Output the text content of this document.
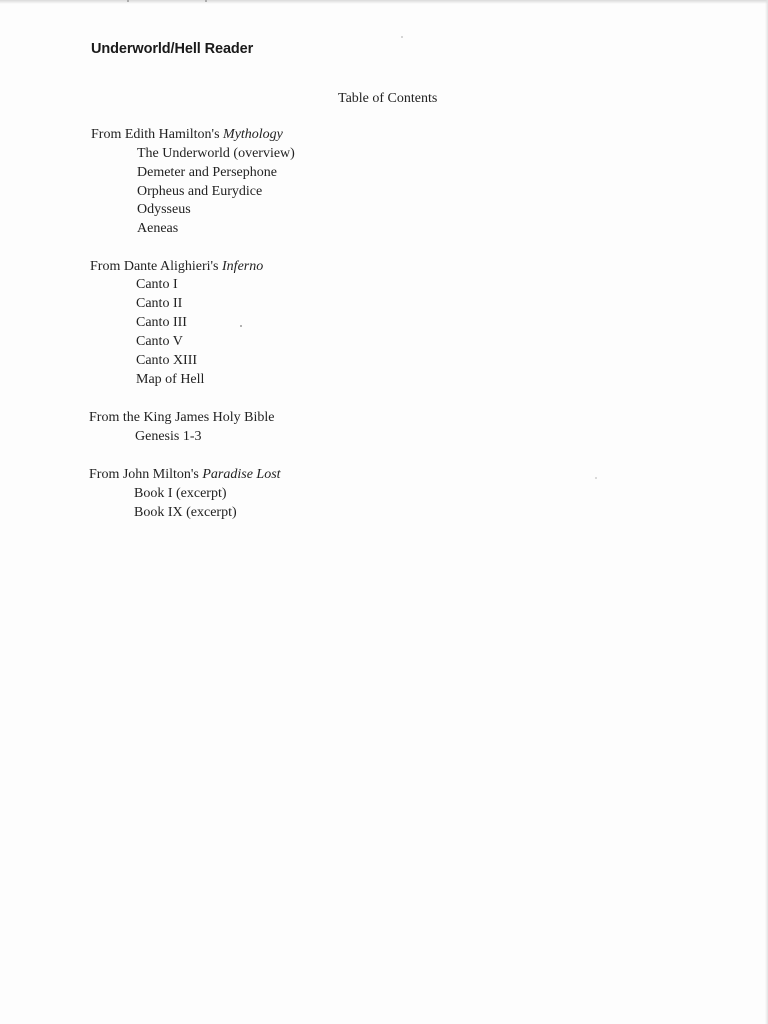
Underworld/Hell Reader
Table of Contents
From Edith Hamilton's Mythology
The Underworld (overview)
Demeter and Persephone
Orpheus and Eurydice
Odysseus
Aeneas
From Dante Alighieri's Inferno
Canto I
Canto II
Canto III
Canto V
Canto XIII
Map of Hell
From the King James Holy Bible
Genesis 1-3
From John Milton's Paradise Lost
Book I (excerpt)
Book IX (excerpt)
